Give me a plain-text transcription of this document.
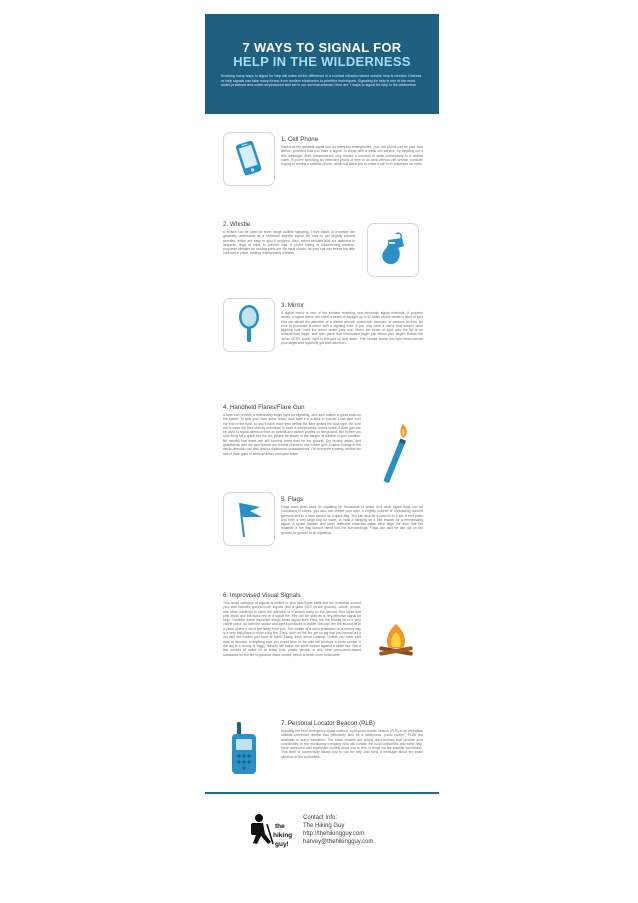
7 WAYS TO SIGNAL FOR
HELP IN THE WILDERNESS
Knowing many ways to signal for help will make all the difference in a survival situation where outside help is needed. Distress or help signals can take many forms, from modern electronics to primitive techniques. Signaling for help is one of the most under-practiced and under-emphasized skill set in our survival arsenal. Here are 7 ways to signal for help in the wilderness.
1. Cell Phone
Hailed as the greatest signal tool for everyday emergencies, your cell phone can be your best lifeline, provided that you have a signal. In areas with a weak cell service, try sending out a text message. SMS transmissions only require a moment of weak connectivity to a nearby tower. If you're spending an extended period of time in an area without cell service, consider buying or renting a satellite phone, which will allow you to make a call from anywhere on earth.
2. Whistle
A whistle can be used for short range audible signaling. Three blasts of a whistle are generally understood as a universal distress signal. Be sure to get brightly colored whistles, which are easy to spot if dropped. Also, select whistles that are attached to lanyards, rings or clips, to prevent loss. If you're hiking in cold/freezing weather, purchase whistles for moving parts are the ideal choice, as your spit can freeze the little cork ball in place, making it temporarily useless.
3. Mirror
A signal mirror is one of the furthest reaching, non-electronic signal methods. If properly aimed, a signal mirror can shine a beam of daylight up to 10 miles and/or create a flash of light that can attract the attention of a distant aircraft, watercraft, vehicles, or persons on foot. Be sure to purchase a mirror with a sighting hole. If you only have a mirror that doesn't have sighting hole, hold the mirror under your eye, direct the beam of light onto the tip of an outstretched finger, and then place that illuminated finger just below your target. Rotate the mirror VERY slowly right to left and up and down. This should sweep the light beam across your target and hopefully get their attention.
4. Handheld Flares/Flare Gun
A flare can provide a reasonably bright light for signaling, and also makes a great back-up fire starter. To give your flare some reach, duct tape it to a stick or branch. Duct tape onto the end of the flare, so you'll have more time before the flare ignites the duct tape. Be sure not to wave the flare directly overhead, in case it unexpectedly comes loose. A flare gun can be used to signal attention from an aircraft and search parties on the ground. But before you shot firing off a quick into the air, please be aware of the danger of wildfire in your location. Be mindful that flares are still burning when they hit the ground. Dry brushy areas, and grasslands, and dry pine forests are terrible places to use a flare gun. A quick change in the winds direction can also lead to disastrous consequences. For everyone's safety, restrict the use of flare guns to wetland areas and open water.
5. Flags
Flags have been used for signaling for thousands of years. And while signal flags can be purchased in stores, you also can create your own. A brightly colored or contrasting colored garment tied to a stick serves as a quick flag. You can also tie a poncho to a set of tent poles and form a very large flag for wave, or hoist it hanging on a tree branch for a freestanding signal. A space blanket and other reflective materials make ideal flags. Be sure that the material of the flag doesn't blend into the surroundings. Flags can also be laid out on the ground for ground to air signaling.
6. Improvised Visual Signals
This broad category of signals is limited to your MacGyver skills and the materials around you, and includes ground-to-air signals (like a giant SOS on the ground), cairns, arrows, and other markings to catch the attention of a search party on the ground. Red lights and pine sticks and the black one of a signal fire. Fire can be used as a very effective signal for help. Consider these important things about signal fires: First, the fire should be in a very visible place, so both the smoke and light it produces is visible. Second, the fire should be in a place where it won't get away from you. The middle of a dried grassland on a breezy day is a very bad place to build a big fire. Third, don't let the fire get so big that you cannot put it out with the means you have at hand. Lastly, think about contrast. Unless you have stuff dark or likewise, everything else you would burn in the wild will produce a white smoke. If the sky is a cloudy or foggy, nobody will notice the white smoke against a white sky. Use a few ounces of motor oil or brake fluid, plastic pieces, or any other petro-leum-based substance on the fire to produce black smoke, which is much more noticeable.
7. Personal Locator Beacon (PLB)
Arguably the best emergency signal method, a personal locator beacon (PLB) is an affordable satellite-connected device that effectively acts as a wilderness "panic button." PLBs are available in many variations. The basic models are simply alert buttons that provide your coordinates to the monitoring company who will contact the local authorities and send help. More advanced and expensive models allow you to text or email via the satellite connection. This level of connectivity allows you to call for help and send a message about the exact situation to the authorities.
the
hiking
guy!
Contact Info:
The Hiking Guy
http://thehikingguy.com
harvey@thehikingguy.com
